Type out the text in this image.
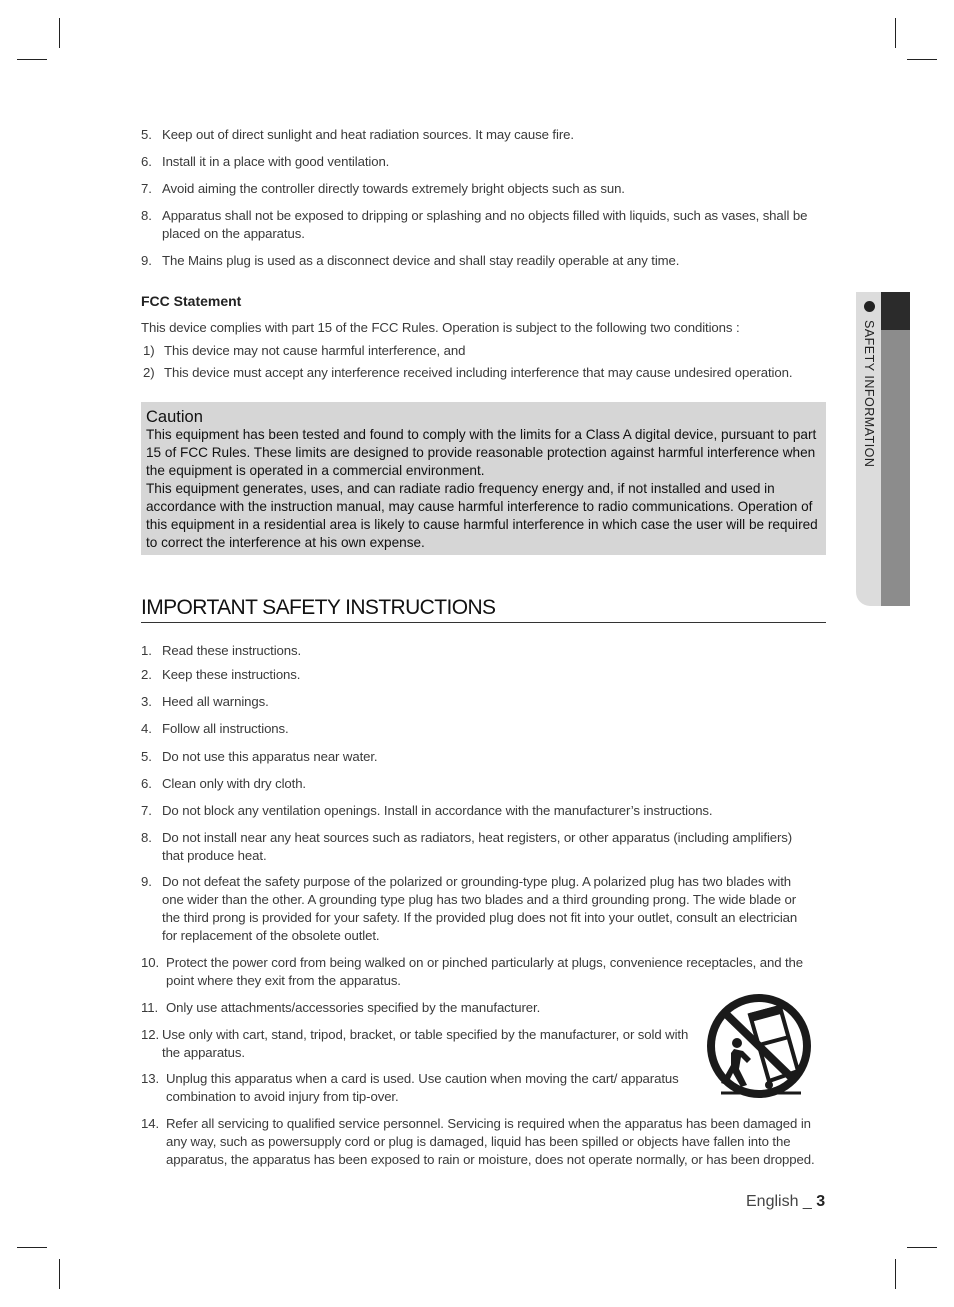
5. Keep out of direct sunlight and heat radiation sources. It may cause fire.
6. Install it in a place with good ventilation.
7. Avoid aiming the controller directly towards extremely bright objects such as sun.
8. Apparatus shall not be exposed to dripping or splashing and no objects filled with liquids, such as vases, shall be placed on the apparatus.
9. The Mains plug is used as a disconnect device and shall stay readily operable at any time.
FCC Statement
This device complies with part 15 of the FCC Rules. Operation is subject to the following two conditions :
1) This device may not cause harmful interference, and
2) This device must accept any interference received including interference that may cause undesired operation.
Caution
This equipment has been tested and found to comply with the limits for a Class A digital device, pursuant to part 15 of FCC Rules. These limits are designed to provide reasonable protection against harmful interference when the equipment is operated in a commercial environment.
This equipment generates, uses, and can radiate radio frequency energy and, if not installed and used in accordance with the instruction manual, may cause harmful interference to radio communications. Operation of this equipment in a residential area is likely to cause harmful interference in which case the user will be required to correct the interference at his own expense.
IMPORTANT SAFETY INSTRUCTIONS
1. Read these instructions.
2. Keep these instructions.
3. Heed all warnings.
4. Follow all instructions.
5. Do not use this apparatus near water.
6. Clean only with dry cloth.
7. Do not block any ventilation openings. Install in accordance with the manufacturer’s instructions.
8. Do not install near any heat sources such as radiators, heat registers, or other apparatus (including amplifiers) that produce heat.
9. Do not defeat the safety purpose of the polarized or grounding-type plug. A polarized plug has two blades with one wider than the other. A grounding type plug has two blades and a third grounding prong. The wide blade or the third prong is provided for your safety. If the provided plug does not fit into your outlet, consult an electrician for replacement of the obsolete outlet.
10. Protect the power cord from being walked on or pinched particularly at plugs, convenience receptacles, and the point where they exit from the apparatus.
11. Only use attachments/accessories specified by the manufacturer.
12. Use only with cart, stand, tripod, bracket, or table specified by the manufacturer, or sold with the apparatus.
13. Unplug this apparatus when a card is used. Use caution when moving the cart/ apparatus combination to avoid injury from tip-over.
14. Refer all servicing to qualified service personnel. Servicing is required when the apparatus has been damaged in any way, such as powersupply cord or plug is damaged, liquid has been spilled or objects have fallen into the apparatus, the apparatus has been exposed to rain or moisture, does not operate normally, or has been dropped.
SAFETY INFORMATION
English _ 3
